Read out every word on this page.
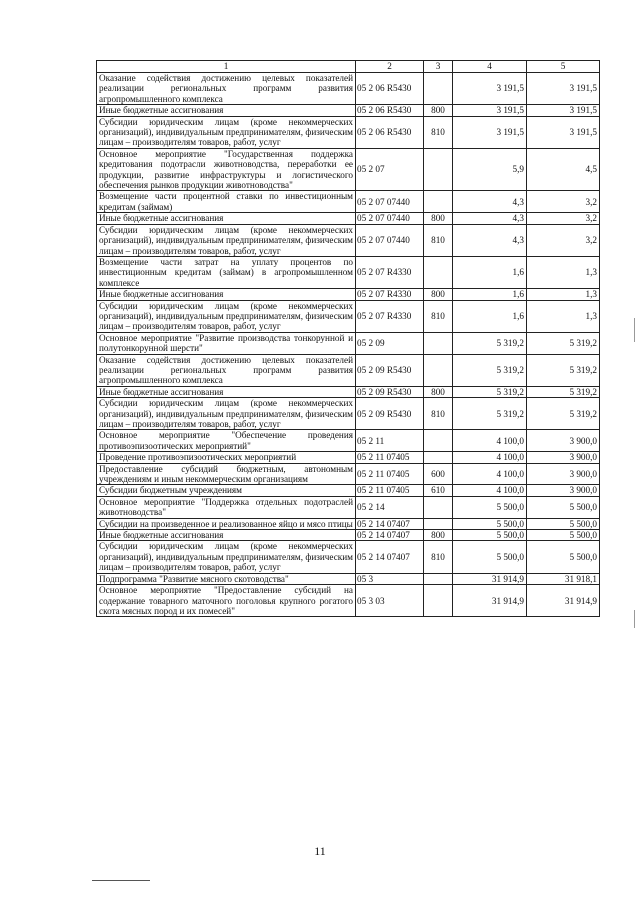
1	2	3	4	5
Оказание содействия достижению целевых показателей реализации региональных программ развития агропромышленного комплекса	05 2 06 R5430		3 191,5	3 191,5
Иные бюджетные ассигнования	05 2 06 R5430	800	3 191,5	3 191,5
Субсидии юридическим лицам (кроме некоммерческих организаций), индивидуальным предпринимателям, физическим лицам – производителям товаров, работ, услуг	05 2 06 R5430	810	3 191,5	3 191,5
Основное мероприятие "Государственная поддержка кредитования подотрасли животноводства, переработки ее продукции, развитие инфраструктуры и логистического обеспечения рынков продукции животноводства"	05 2 07		5,9	4,5
Возмещение части процентной ставки по инвестиционным кредитам (займам)	05 2 07 07440		4,3	3,2
Иные бюджетные ассигнования	05 2 07 07440	800	4,3	3,2
Субсидии юридическим лицам (кроме некоммерческих организаций), индивидуальным предпринимателям, физическим лицам – производителям товаров, работ, услуг	05 2 07 07440	810	4,3	3,2
Возмещение части затрат на уплату процентов по инвестиционным кредитам (займам) в агропромышленном комплексе	05 2 07 R4330		1,6	1,3
Иные бюджетные ассигнования	05 2 07 R4330	800	1,6	1,3
Субсидии юридическим лицам (кроме некоммерческих организаций), индивидуальным предпринимателям, физическим лицам – производителям товаров, работ, услуг	05 2 07 R4330	810	1,6	1,3
Основное мероприятие "Развитие производства тонкорунной и полутонкорунной шерсти"	05 2 09		5 319,2	5 319,2
Оказание содействия достижению целевых показателей реализации региональных программ развития агропромышленного комплекса	05 2 09 R5430		5 319,2	5 319,2
Иные бюджетные ассигнования	05 2 09 R5430	800	5 319,2	5 319,2
Субсидии юридическим лицам (кроме некоммерческих организаций), индивидуальным предпринимателям, физическим лицам – производителям товаров, работ, услуг	05 2 09 R5430	810	5 319,2	5 319,2
Основное мероприятие "Обеспечение проведения противоэпизоотических мероприятий"	05 2 11		4 100,0	3 900,0
Проведение противоэпизоотических мероприятий	05 2 11 07405		4 100,0	3 900,0
Предоставление субсидий бюджетным, автономным учреждениям и иным некоммерческим организациям	05 2 11 07405	600	4 100,0	3 900,0
Субсидии бюджетным учреждениям	05 2 11 07405	610	4 100,0	3 900,0
Основное мероприятие "Поддержка отдельных подотраслей животноводства"	05 2 14		5 500,0	5 500,0
Субсидии на произведенное и реализованное яйцо и мясо птицы	05 2 14 07407		5 500,0	5 500,0
Иные бюджетные ассигнования	05 2 14 07407	800	5 500,0	5 500,0
Субсидии юридическим лицам (кроме некоммерческих организаций), индивидуальным предпринимателям, физическим лицам – производителям товаров, работ, услуг	05 2 14 07407	810	5 500,0	5 500,0
Подпрограмма "Развитие мясного скотоводства"	05 3		31 914,9	31 918,1
Основное мероприятие "Предоставление субсидий на содержание товарного маточного поголовья крупного рогатого скота мясных пород и их помесей"	05 3 03		31 914,9	31 914,9
11
